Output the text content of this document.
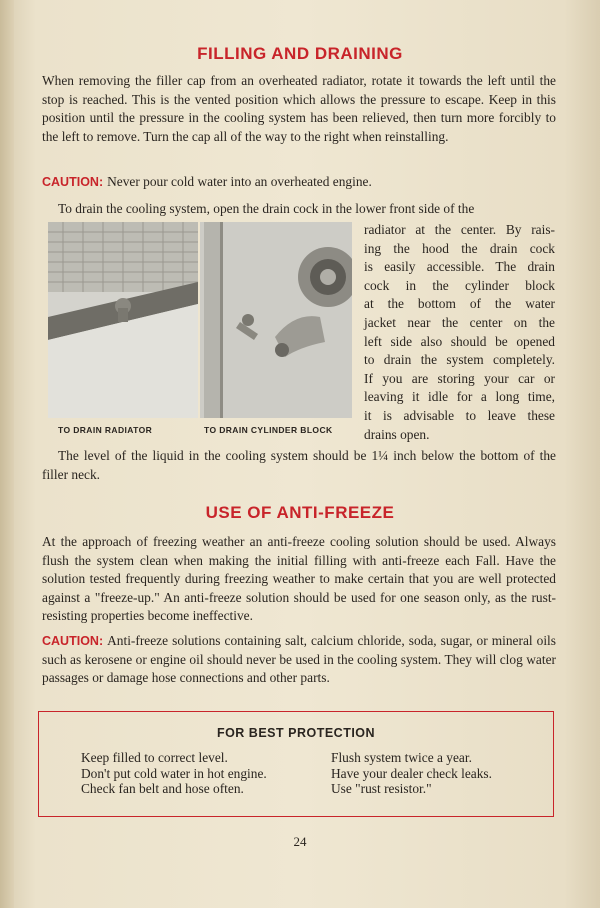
FILLING AND DRAINING

When removing the filler cap from an overheated radiator, rotate it towards the left until the stop is reached. This is the vented position which allows the pressure to escape. Keep in this position until the pressure in the cooling system has been relieved, then turn more forcibly to the left to remove. Turn the cap all of the way to the right when reinstalling.

CAUTION: Never pour cold water into an overheated engine.

To drain the cooling system, open the drain cock in the lower front side of the

TO DRAIN RADIATOR	TO DRAIN CYLINDER BLOCK
radiator at the center. By rais-
ing the hood the drain cock
is easily accessible. The drain
cock in the cylinder block
at the bottom of the water
jacket near the center on the
left side also should be opened
to drain the system completely.
If you are storing your car or
leaving it idle for a long time,
it is advisable to leave these
drains open.

The level of the liquid in the cooling system should be 1¼ inch below the bottom of the filler neck.

USE OF ANTI-FREEZE

At the approach of freezing weather an anti-freeze cooling solution should be used. Always flush the system clean when making the initial filling with anti-freeze each Fall. Have the solution tested frequently during freezing weather to make certain that you are well protected against a "freeze-up." An anti-freeze solution should be used for one season only, as the rust-resisting properties become ineffective.

CAUTION: Anti-freeze solutions containing salt, calcium chloride, soda, sugar, or mineral oils such as kerosene or engine oil should never be used in the cooling system. They will clog water passages or damage hose connections and other parts.

FOR BEST PROTECTION
Keep filled to correct level.
Don't put cold water in hot engine.
Check fan belt and hose often.
Flush system twice a year.
Have your dealer check leaks.
Use "rust resistor."
24
